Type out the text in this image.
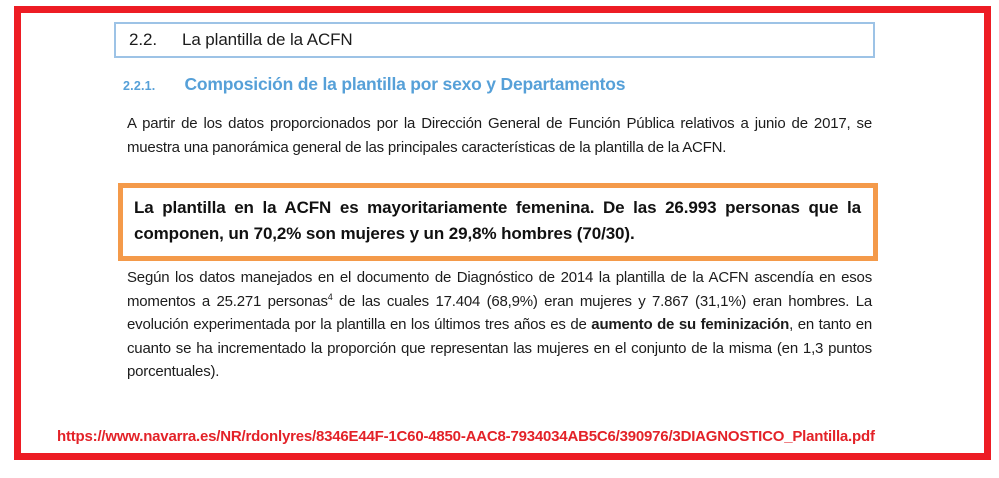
2.2. La plantilla de la ACFN
2.2.1. Composición de la plantilla por sexo y Departamentos

A partir de los datos proporcionados por la Dirección General de Función Pública relativos a junio de 2017, se muestra una panorámica general de las principales características de la plantilla de la ACFN.

La plantilla en la ACFN es mayoritariamente femenina. De las 26.993 personas que la componen, un 70,2% son mujeres y un 29,8% hombres (70/30).

Según los datos manejados en el documento de Diagnóstico de 2014 la plantilla de la ACFN ascendía en esos momentos a 25.271 personas$^4$ de las cuales 17.404 (68,9%) eran mujeres y 7.867 (31,1%) eran hombres. La evolución experimentada por la plantilla en los últimos tres años es de aumento de su feminización, en tanto en cuanto se ha incrementado la proporción que representan las mujeres en el conjunto de la misma (en 1,3 puntos porcentuales).

https://www.navarra.es/NR/rdonlyres/8346E44F-1C60-4850-AAC8-7934034AB5C6/390976/3DIAGNOSTICO_Plantilla.pdf
